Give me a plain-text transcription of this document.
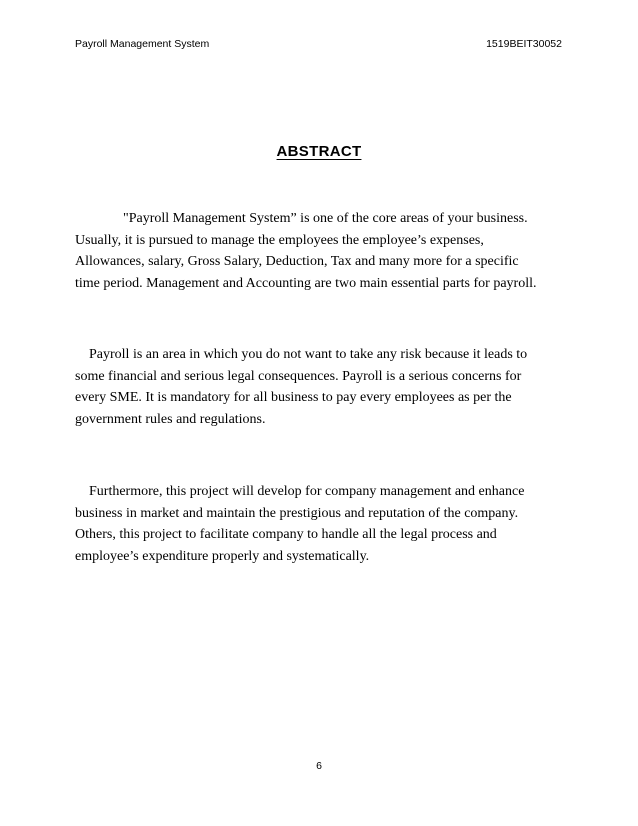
Payroll Management System	1519BEIT30052
ABSTRACT

"Payroll Management System” is one of the core areas of your business.
Usually, it is pursued to manage the employees the employee’s expenses,
Allowances, salary, Gross Salary, Deduction, Tax and many more for a specific
time period. Management and Accounting are two main essential parts for payroll.

Payroll is an area in which you do not want to take any risk because it leads to
some financial and serious legal consequences. Payroll is a serious concerns for
every SME. It is mandatory for all business to pay every employees as per the
government rules and regulations.

Furthermore, this project will develop for company management and enhance
business in market and maintain the prestigious and reputation of the company.
Others, this project to facilitate company to handle all the legal process and
employee’s expenditure properly and systematically.

6
